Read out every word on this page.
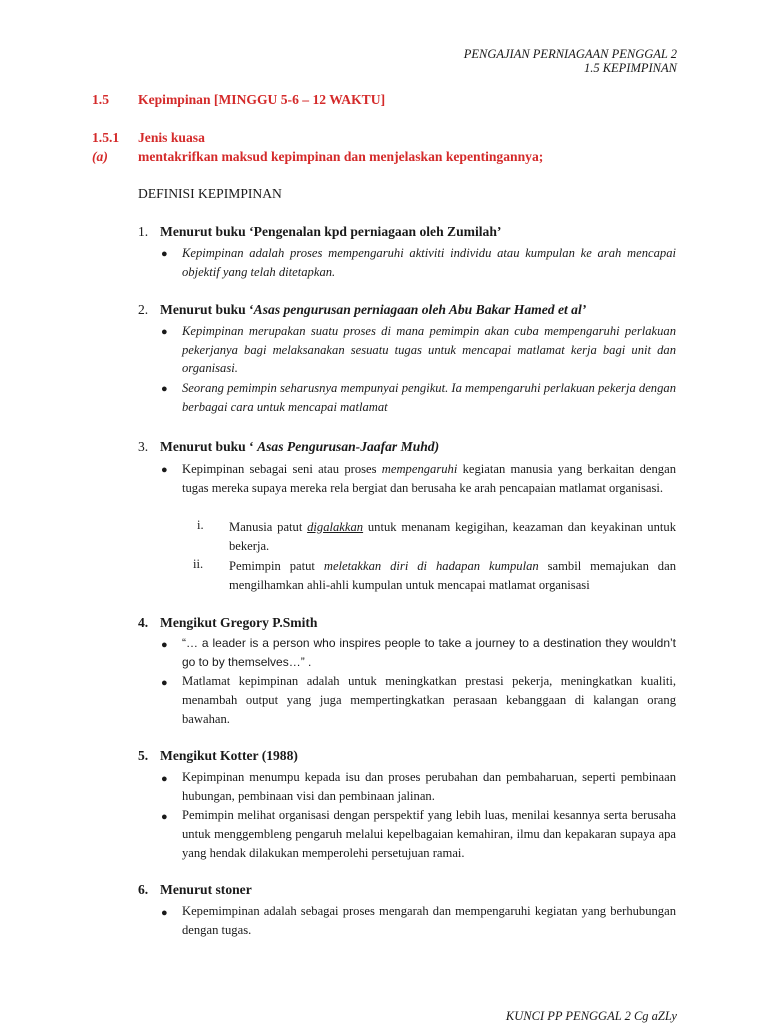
PENGAJIAN PERNIAGAAN PENGGAL 2
1.5 KEPIMPINAN
1.5 Kepimpinan [MINGGU 5-6 – 12 WAKTU]
1.5.1 Jenis kuasa
(a) mentakrifkan maksud kepimpinan dan menjelaskan kepentingannya;
DEFINISI KEPIMPINAN
1. Menurut buku ‘Pengenalan kpd perniagaan oleh Zumilah’
● Kepimpinan adalah proses mempengaruhi aktiviti individu atau kumpulan ke arah mencapai objektif yang telah ditetapkan.
2. Menurut buku ‘Asas pengurusan perniagaan oleh Abu Bakar Hamed et al’
● Kepimpinan merupakan suatu proses di mana pemimpin akan cuba mempengaruhi perlakuan pekerjanya bagi melaksanakan sesuatu tugas untuk mencapai matlamat kerja bagi unit dan organisasi.
● Seorang pemimpin seharusnya mempunyai pengikut. Ia mempengaruhi perlakuan pekerja dengan berbagai cara untuk mencapai matlamat
3. Menurut buku ‘ Asas Pengurusan-Jaafar Muhd)
● Kepimpinan sebagai seni atau proses mempengaruhi kegiatan manusia yang berkaitan dengan tugas mereka supaya mereka rela bergiat dan berusaha ke arah pencapaian matlamat organisasi.
i. Manusia patut digalakkan untuk menanam kegigihan, keazaman dan keyakinan untuk bekerja.
ii. Pemimpin patut meletakkan diri di hadapan kumpulan sambil memajukan dan mengilhamkan ahli-ahli kumpulan untuk mencapai matlamat organisasi
4. Mengikut Gregory P.Smith
● “… a leader is a person who inspires people to take a journey to a destination they wouldn’t go to by themselves…” .
● Matlamat kepimpinan adalah untuk meningkatkan prestasi pekerja, meningkatkan kualiti, menambah output yang juga mempertingkatkan perasaan kebanggaan di kalangan orang bawahan.
5. Mengikut Kotter (1988)
● Kepimpinan menumpu kepada isu dan proses perubahan dan pembaharuan, seperti pembinaan hubungan, pembinaan visi dan pembinaan jalinan.
● Pemimpin melihat organisasi dengan perspektif yang lebih luas, menilai kesannya serta berusaha untuk menggembleng pengaruh melalui kepelbagaian kemahiran, ilmu dan kepakaran supaya apa yang hendak dilakukan memperolehi persetujuan ramai.
6. Menurut stoner
● Kepemimpinan adalah sebagai proses mengarah dan mempengaruhi kegiatan yang berhubungan dengan tugas.
KUNCI PP PENGGAL 2 Cg aZLy
